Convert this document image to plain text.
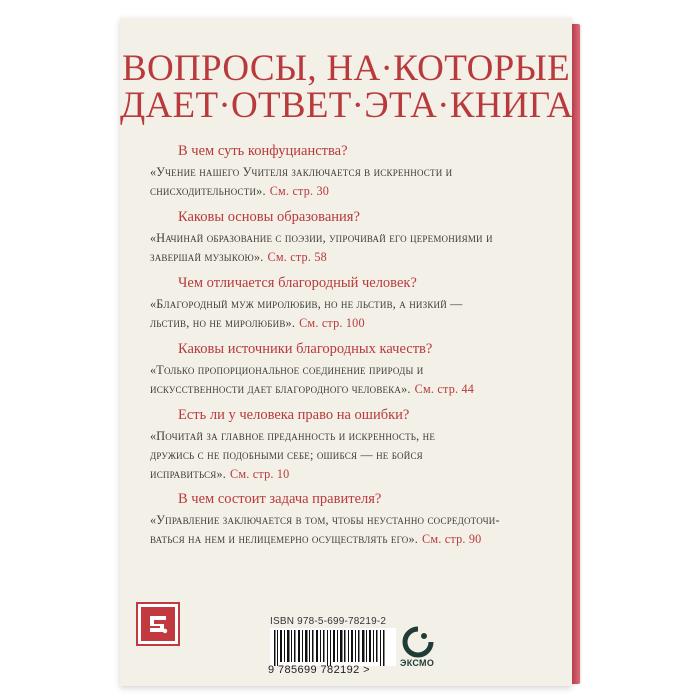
ВОПРОСЫ, НА·КОТОРЫЕ
ДАЕТ·ОТВЕТ·ЭТА·КНИГА
В чем суть конфуцианства?
«Учение нашего Учителя заключается в искренности и
снисходительности». См. стр. 30
Каковы основы образования?
«Начинай образование с поэзии, упрочивай его церемониями и
завершай музыкою». См. стр. 58
Чем отличается благородный человек?
«Благородный муж миролюбив, но не льстив, а низкий —
льстив, но не миролюбив». См. стр. 100
Каковы источники благородных качеств?
«Только пропорциональное соединение природы и
искусственности дает благородного человека». См. стр. 44
Есть ли у человека право на ошибки?
«Почитай за главное преданность и искренность, не
дружись с не подобными себе; ошибся — не бойся
исправиться». См. стр. 10
В чем состоит задача правителя?
«Управление заключается в том, чтобы неустанно сосредоточи-
ваться на нем и нелицемерно осуществлять его». См. стр. 90
ISBN 978-5-699-78219-2
9 785699 782192 >
ЭКСМО
